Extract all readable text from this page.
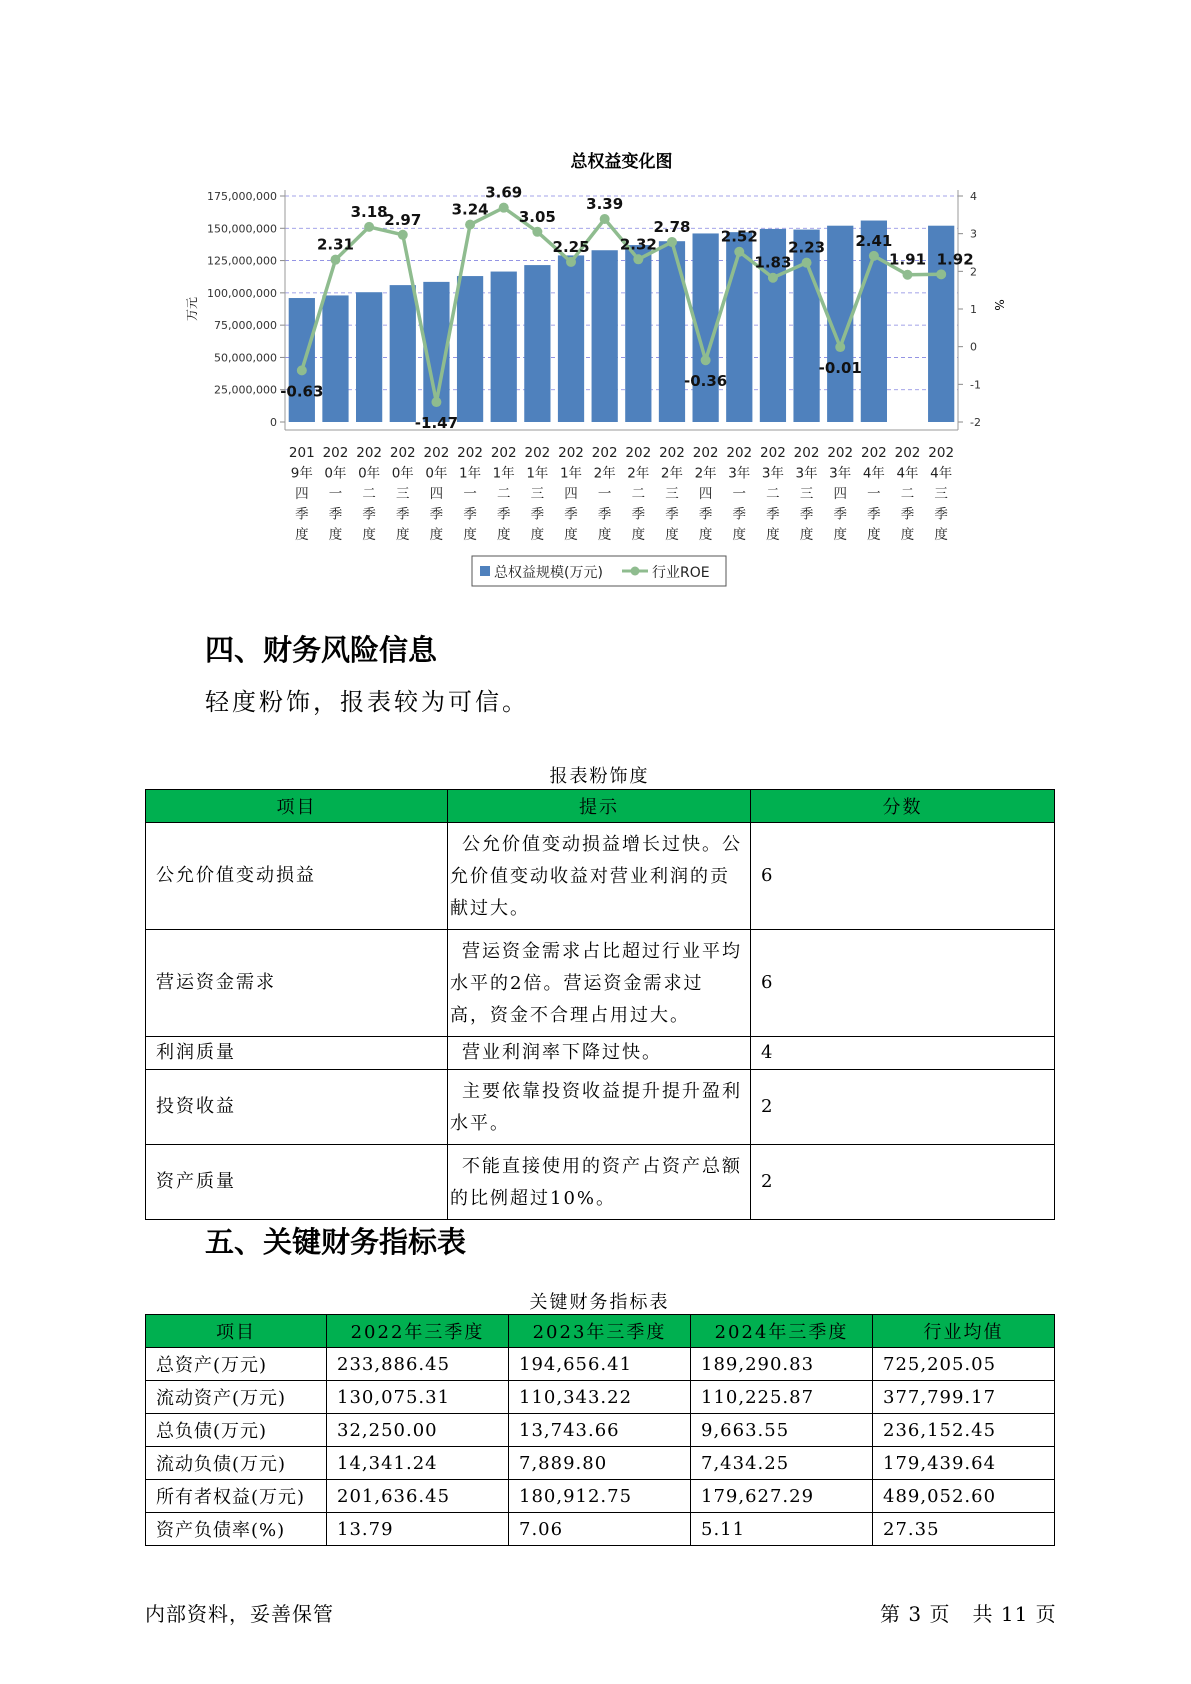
总权益变化图
175,000,000
150,000,000
125,000,000
100,000,000
75,000,000
50,000,000
25,000,000
0
4
3
2
1
0
-1
-2
万元	%
-0.63
2.31
3.18
2.97
-1.47
3.24
3.69
3.05
2.25
3.39
2.32
2.78
-0.36
2.52
1.83
2.23
-0.01
2.41
1.91 1.92
201
9年
四
季
度
202
0年
一
季
度
202
0年
二
季
度
202
0年
三
季
度
202
0年
四
季
度
202
1年
一
季
度
202
1年
二
季
度
202
1年
三
季
度
202
1年
四
季
度
202
2年
一
季
度
202
2年
二
季
度
202
2年
三
季
度
202
2年
四
季
度
202
3年
一
季
度
202
3年
二
季
度
202
3年
三
季
度
202
3年
四
季
度
202
4年
一
季
度
202
4年
二
季
度
202
4年
三
季
度
总权益规模(万元)	行业ROE
四、财务风险信息

轻度粉饰，报表较为可信。

报表粉饰度
项目	提示	分数
公允价值变动损益	公允价值变动损益增长过快。公允价值变动收益对营业利润的贡献过大。	6
营运资金需求	营运资金需求占比超过行业平均水平的2倍。营运资金需求过高，资金不合理占用过大。	6
利润质量	营业利润率下降过快。	4
投资收益	主要依靠投资收益提升提升盈利水平。	2
资产质量	不能直接使用的资产占资产总额的比例超过10%。	2
五、关键财务指标表
关键财务指标表
项目	2022年三季度	2023年三季度	2024年三季度	行业均值
总资产(万元)	233,886.45	194,656.41	189,290.83	725,205.05
流动资产(万元)	130,075.31	110,343.22	110,225.87	377,799.17
总负债(万元)	32,250.00	13,743.66	9,663.55	236,152.45
流动负债(万元)	14,341.24	7,889.80	7,434.25	179,439.64
所有者权益(万元)	201,636.45	180,912.75	179,627.29	489,052.60
资产负债率(%)	13.79	7.06	5.11	27.35
内部资料，妥善保管	第 3 页   共 11 页
